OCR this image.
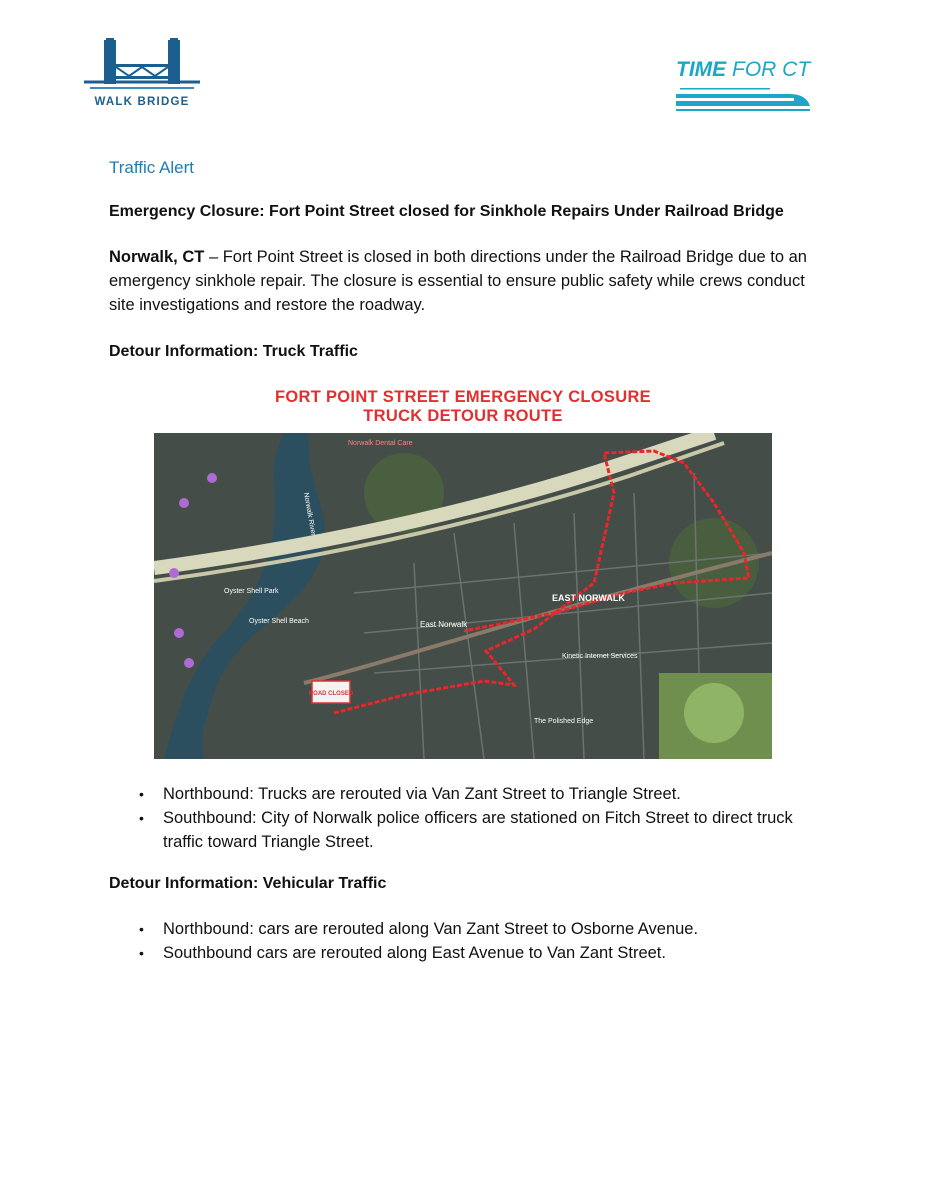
WALK BRIDGE
TIME FOR CT

Traffic Alert

Emergency Closure: Fort Point Street closed for Sinkhole Repairs Under Railroad Bridge

Norwalk, CT – Fort Point Street is closed in both directions under the Railroad Bridge due to an emergency sinkhole repair. The closure is essential to ensure public safety while crews conduct site investigations and restore the roadway.

Detour Information: Truck Traffic
FORT POINT STREET EMERGENCY CLOSURE
TRUCK DETOUR ROUTE
ROAD CLOSED
EAST NORWALK
East Norwalk
Oyster Shell Park
Oyster Shell Beach
Norwalk River
Norwalk Dental Care
Kinetic Internet Services
The Polished Edge
• Northbound: Trucks are rerouted via Van Zant Street to Triangle Street.
• Southbound: City of Norwalk police officers are stationed on Fitch Street to direct truck traffic toward Triangle Street.
Detour Information: Vehicular Traffic
• Northbound: cars are rerouted along Van Zant Street to Osborne Avenue.
• Southbound cars are rerouted along East Avenue to Van Zant Street.
